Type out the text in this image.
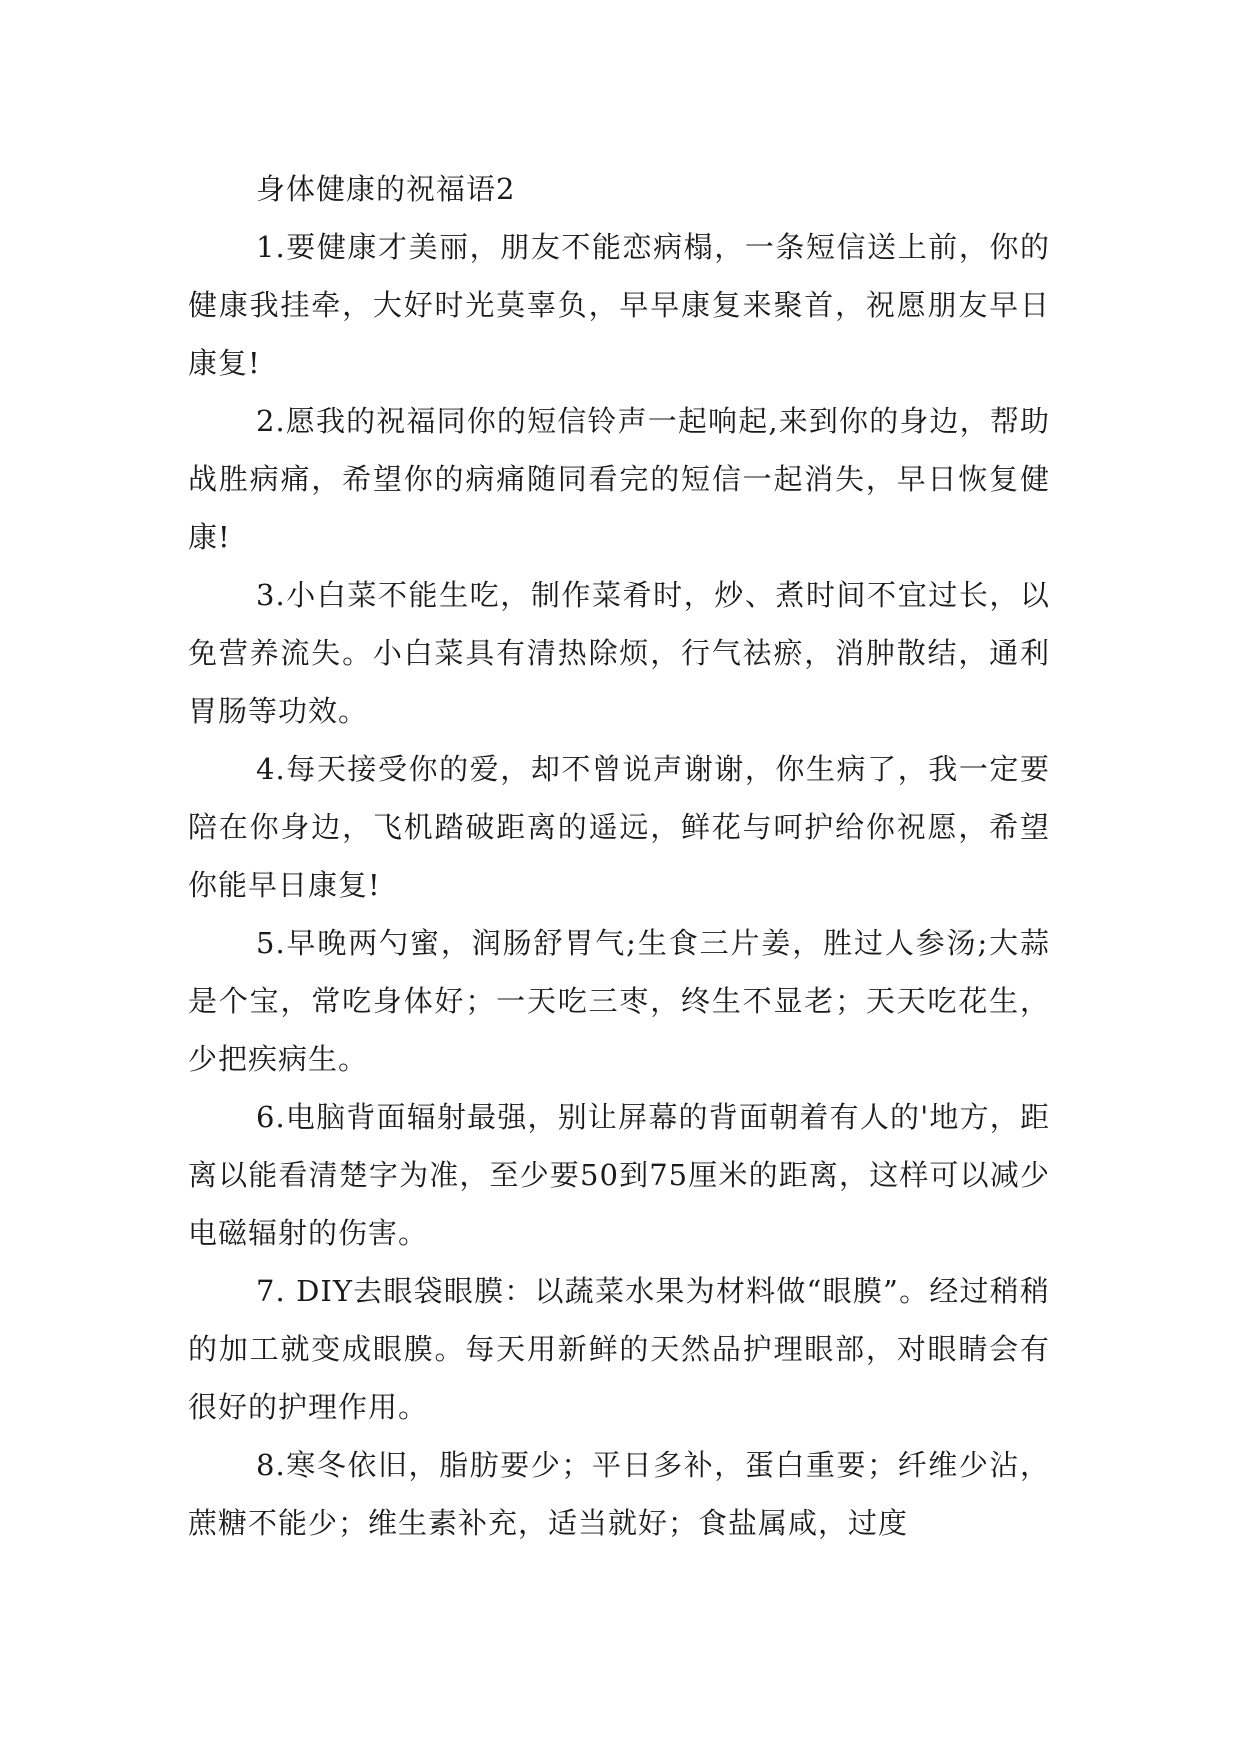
身体健康的祝福语2

1.要健康才美丽，朋友不能恋病榻，一条短信送上前，你的健康我挂牵，大好时光莫辜负，早早康复来聚首，祝愿朋友早日康复!

2.愿我的祝福同你的短信铃声一起响起,来到你的身边，帮助战胜病痛，希望你的病痛随同看完的短信一起消失，早日恢复健康!

3.小白菜不能生吃，制作菜肴时，炒、煮时间不宜过长，以免营养流失。小白菜具有清热除烦，行气祛瘀，消肿散结，通利胃肠等功效。

4.每天接受你的爱，却不曾说声谢谢，你生病了，我一定要陪在你身边，飞机踏破距离的遥远，鲜花与呵护给你祝愿，希望你能早日康复!

5.早晚两勺蜜，润肠舒胃气;生食三片姜，胜过人参汤;大蒜是个宝，常吃身体好；一天吃三枣，终生不显老；天天吃花生，少把疾病生。

6.电脑背面辐射最强，别让屏幕的背面朝着有人的'地方，距离以能看清楚字为准，至少要50到75厘米的距离，这样可以减少电磁辐射的伤害。

7. DIY去眼袋眼膜：以蔬菜水果为材料做“眼膜”。经过稍稍的加工就变成眼膜。每天用新鲜的天然品护理眼部，对眼睛会有很好的护理作用。

8.寒冬依旧，脂肪要少；平日多补，蛋白重要；纤维少沾，蔗糖不能少；维生素补充，适当就好；食盐属咸，过度
